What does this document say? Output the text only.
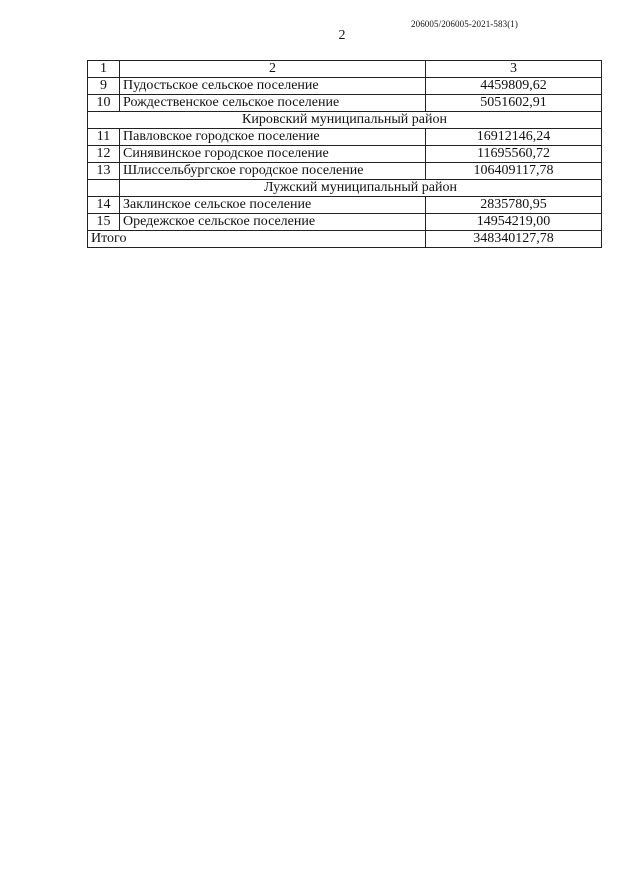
206005/206005-2021-583(1)
2
1	2	3
9	Пудостьское сельское поселение	4459809,62
10	Рождественское сельское поселение	5051602,91
Кировский муниципальный район		
11	Павловское городское поселение	16912146,24
12	Синявинское городское поселение	11695560,72
13	Шлиссельбургское городское поселение	106409117,78
	Лужский муниципальный район	
14	Заклинское сельское поселение	2835780,95
15	Оредежское сельское поселение	14954219,00
Итого		348340127,78
